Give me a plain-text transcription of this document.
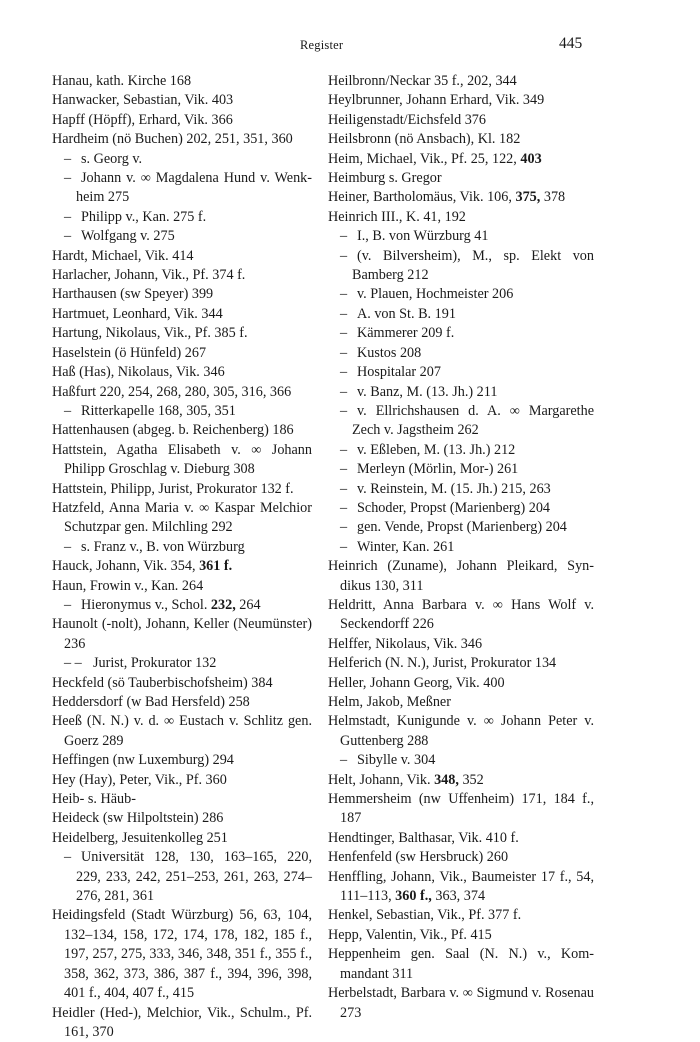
Register	445
Hanau, kath. Kirche 168
Hanwacker, Sebastian, Vik. 403
Hapff (Höpff), Erhard, Vik. 366
Hardheim (nö Buchen) 202, 251, 351, 360
– s. Georg v.
– Johann v. ∞ Magdalena Hund v. Wenkheim 275
– Philipp v., Kan. 275 f.
– Wolfgang v. 275
Hardt, Michael, Vik. 414
Harlacher, Johann, Vik., Pf. 374 f.
Harthausen (sw Speyer) 399
Hartmuet, Leonhard, Vik. 344
Hartung, Nikolaus, Vik., Pf. 385 f.
Haselstein (ö Hünfeld) 267
Haß (Has), Nikolaus, Vik. 346
Haßfurt 220, 254, 268, 280, 305, 316, 366
– Ritterkapelle 168, 305, 351
Hattenhausen (abgeg. b. Reichenberg) 186
Hattstein, Agatha Elisabeth v. ∞ Johann Philipp Groschlag v. Dieburg 308
Hattstein, Philipp, Jurist, Prokurator 132 f.
Hatzfeld, Anna Maria v. ∞ Kaspar Melchior Schutzpar gen. Milchling 292
– s. Franz v., B. von Würzburg
Hauck, Johann, Vik. 354, 361 f.
Haun, Frowin v., Kan. 264
– Hieronymus v., Schol. 232, 264
Haunolt (-nolt), Johann, Keller (Neumünster) 236
– – Jurist, Prokurator 132
Heckfeld (sö Tauberbischofsheim) 384
Heddersdorf (w Bad Hersfeld) 258
Heeß (N. N.) v. d. ∞ Eustach v. Schlitz gen. Goerz 289
Heffingen (nw Luxemburg) 294
Hey (Hay), Peter, Vik., Pf. 360
Heib- s. Häub-
Heideck (sw Hilpoltstein) 286
Heidelberg, Jesuitenkolleg 251
– Universität 128, 130, 163–165, 220, 229, 233, 242, 251–253, 261, 263, 274–276, 281, 361
Heidingsfeld (Stadt Würzburg) 56, 63, 104, 132–134, 158, 172, 174, 178, 182, 185 f., 197, 257, 275, 333, 346, 348, 351 f., 355 f., 358, 362, 373, 386, 387 f., 394, 396, 398, 401 f., 404, 407 f., 415
Heidler (Hed-), Melchior, Vik., Schulm., Pf. 161, 370
Heilbronn/Neckar 35 f., 202, 344
Heylbrunner, Johann Erhard, Vik. 349
Heiligenstadt/Eichsfeld 376
Heilsbronn (nö Ansbach), Kl. 182
Heim, Michael, Vik., Pf. 25, 122, 403
Heimburg s. Gregor
Heiner, Bartholomäus, Vik. 106, 375, 378
Heinrich III., K. 41, 192
– I., B. von Würzburg 41
– (v. Bilversheim), M., sp. Elekt von Bamberg 212
– v. Plauen, Hochmeister 206
– A. von St. B. 191
– Kämmerer 209 f.
– Kustos 208
– Hospitalar 207
– v. Banz, M. (13. Jh.) 211
– v. Ellrichshausen d. A. ∞ Margarethe Zech v. Jagstheim 262
– v. Eßleben, M. (13. Jh.) 212
– Merleyn (Mörlin, Mor-) 261
– v. Reinstein, M. (15. Jh.) 215, 263
– Schoder, Propst (Marienberg) 204
– gen. Vende, Propst (Marienberg) 204
– Winter, Kan. 261
Heinrich (Zuname), Johann Pleikard, Syndikus 130, 311
Heldritt, Anna Barbara v. ∞ Hans Wolf v. Seckendorff 226
Helffer, Nikolaus, Vik. 346
Helferich (N. N.), Jurist, Prokurator 134
Heller, Johann Georg, Vik. 400
Helm, Jakob, Meßner
Helmstadt, Kunigunde v. ∞ Johann Peter v. Guttenberg 288
– Sibylle v. 304
Helt, Johann, Vik. 348, 352
Hemmersheim (nw Uffenheim) 171, 184 f., 187
Hendtinger, Balthasar, Vik. 410 f.
Henfenfeld (sw Hersbruck) 260
Henffling, Johann, Vik., Baumeister 17 f., 54, 111–113, 360 f., 363, 374
Henkel, Sebastian, Vik., Pf. 377 f.
Hepp, Valentin, Vik., Pf. 415
Heppenheim gen. Saal (N. N.) v., Kommandant 311
Herbelstadt, Barbara v. ∞ Sigmund v. Rosenau 273
